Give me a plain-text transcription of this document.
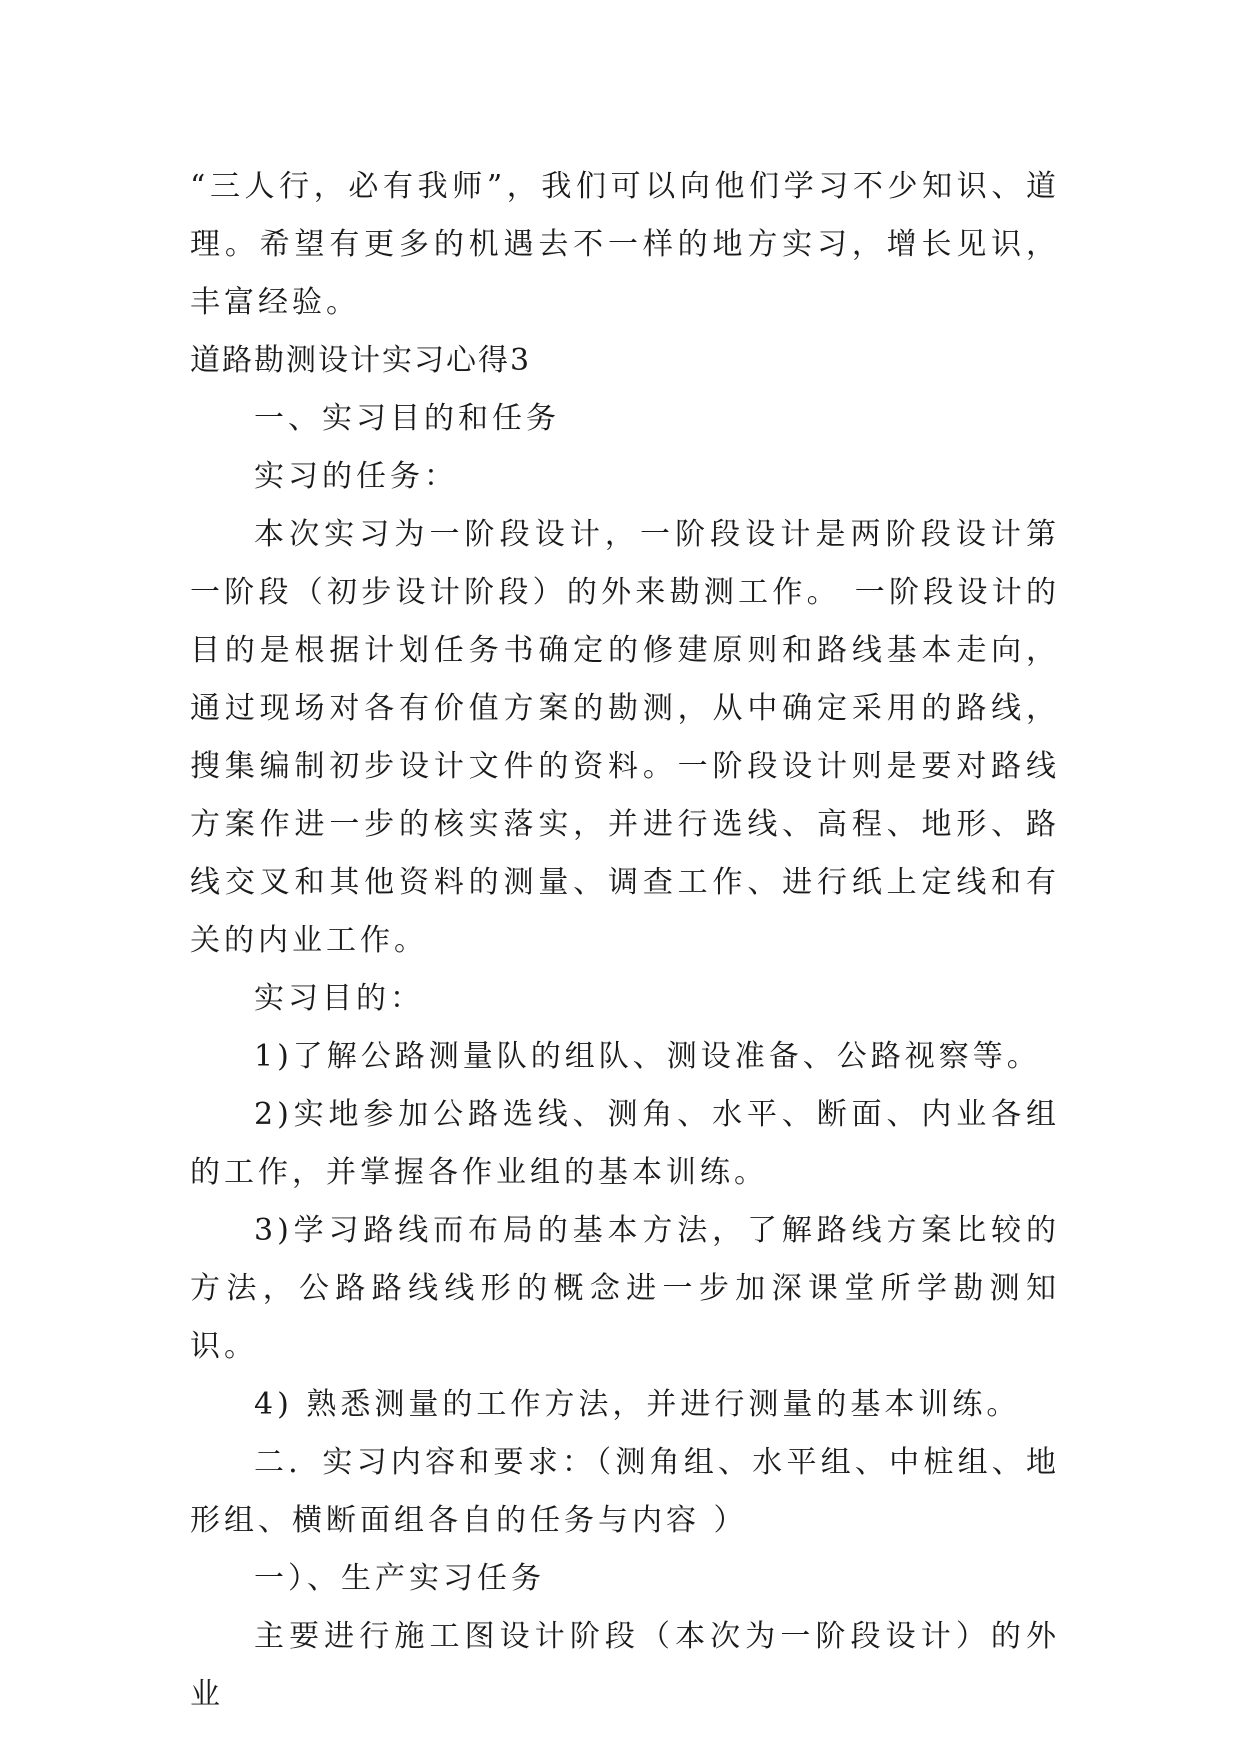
“三人行，必有我师”，我们可以向他们学习不少知识、道理。希望有更多的机遇去不一样的地方实习，增长见识，丰富经验。

道路勘测设计实习心得3

一、实习目的和任务

实习的任务：

本次实习为一阶段设计，一阶段设计是两阶段设计第一阶段（初步设计阶段）的外来勘测工作。 一阶段设计的目的是根据计划任务书确定的修建原则和路线基本走向，通过现场对各有价值方案的勘测，从中确定采用的路线，搜集编制初步设计文件的资料。一阶段设计则是要对路线方案作进一步的核实落实，并进行选线、高程、地形、路线交叉和其他资料的测量、调查工作、进行纸上定线和有关的内业工作。

实习目的：

1)了解公路测量队的组队、测设准备、公路视察等。

2)实地参加公路选线、测角、水平、断面、内业各组的工作，并掌握各作业组的基本训练。

3)学习路线而布局的基本方法，了解路线方案比较的方法，公路路线线形的概念进一步加深课堂所学勘测知识。

4) 熟悉测量的工作方法，并进行测量的基本训练。

二．实习内容和要求：（测角组、水平组、中桩组、地形组、横断面组各自的任务与内容 ）

一）、生产实习任务

主要进行施工图设计阶段（本次为一阶段设计）的外业
